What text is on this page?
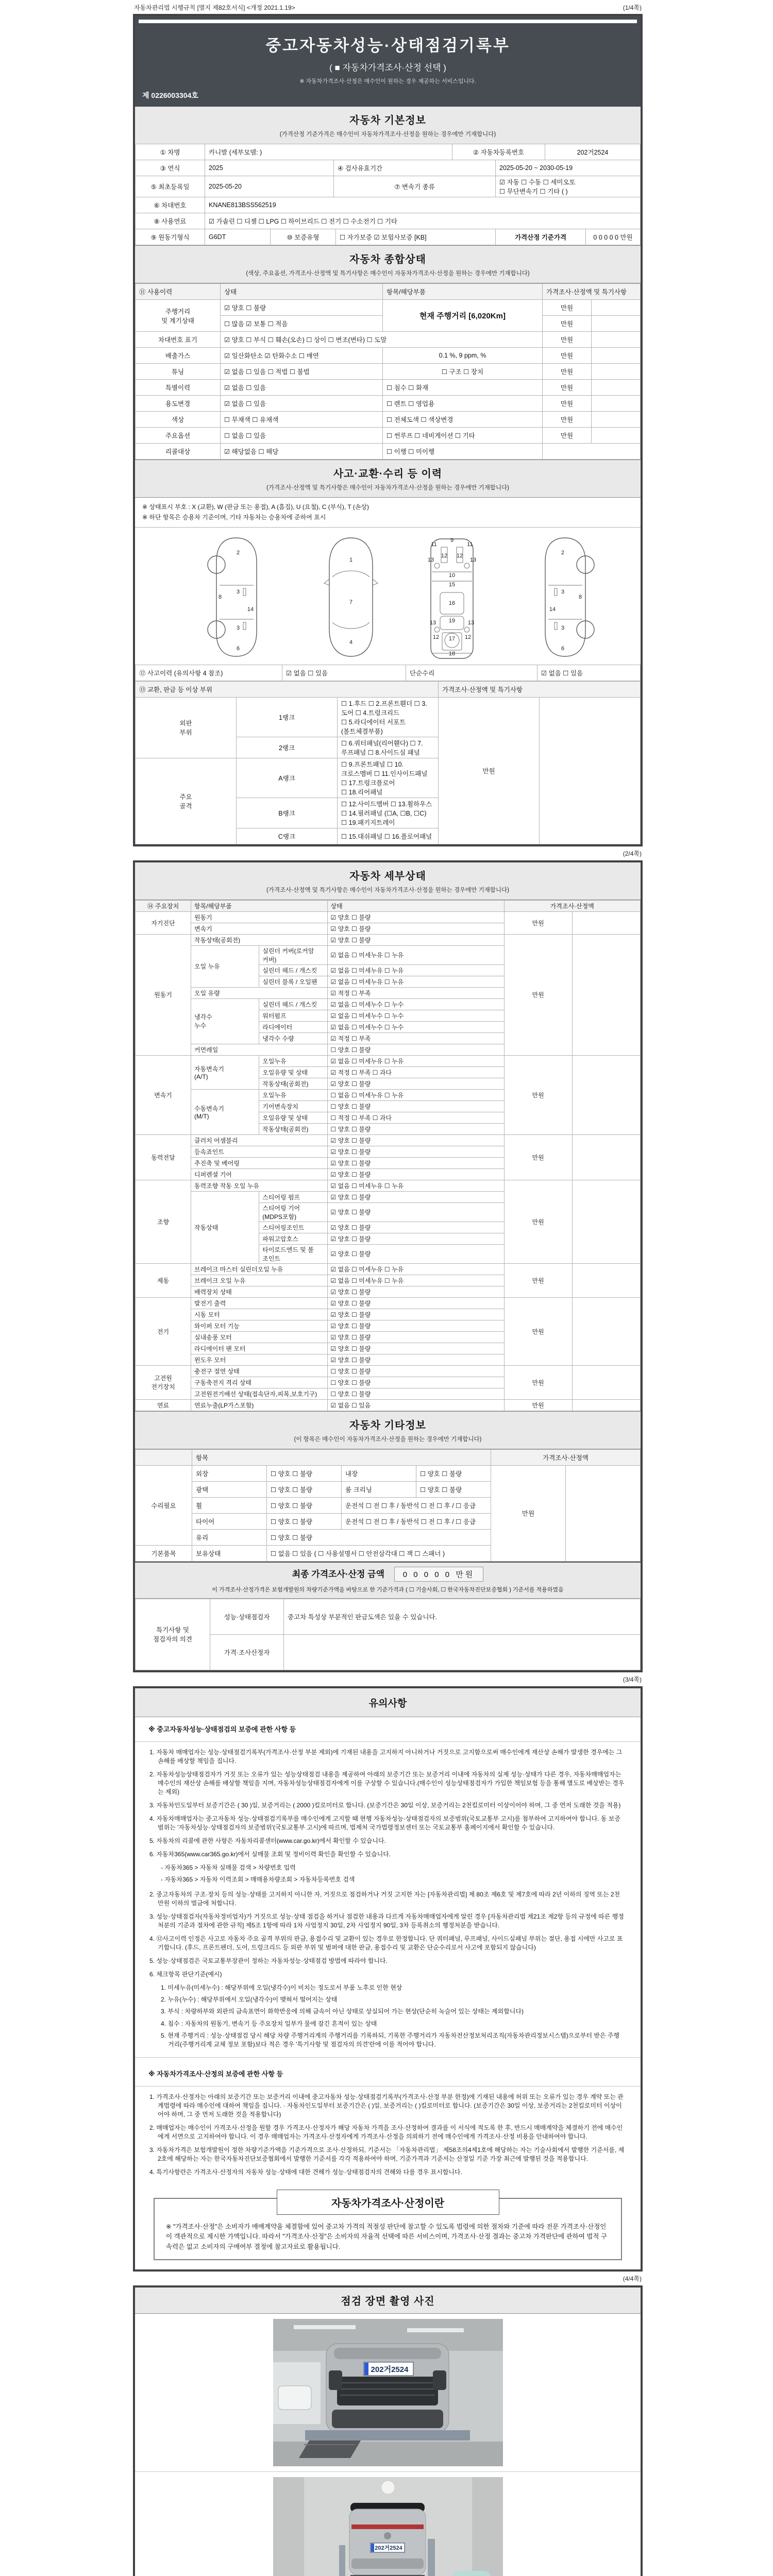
자동차관리법 시행규칙 [별지 제82호서식] <개정 2021.1.19>	(1/4쪽)
중고자동차성능·상태점검기록부
( ■ 자동차가격조사·산정 선택 )
※ 자동차가격조사·산정은 매수인이 원하는 경우 제공하는 서비스입니다.
제 0226003304호
자동차 기본정보
(가격산정 기준가격은 매수인이 자동차가격조사·산정을 원하는 경우에만 기재합니다)
① 차명	카니발 (세부모델: )	② 자동차등록번호	202거2524
③ 연식	2025	④ 검사유효기간	2025-05-20 ~ 2030-05-19
⑤ 최초등록일	2025-05-20	⑦ 변속기 종류	☑ 자동 ☐ 수동 ☐ 세미오토
☐ 무단변속기 ☐ 기타 ( )
⑥ 차대번호	KNANE813BSS562519
⑧ 사용연료	☑ 가솔린 ☐ 디젤 ☐ LPG ☐ 하이브리드 ☐ 전기 ☐ 수소전기 ☐ 기타
⑨ 원동기형식	G6DT	⑩ 보증유형	☐ 자가보증 ☑ 보험사보증 [KB]	가격산정 기준가격	0 0 0 0 0 만원
자동차 종합상태
(색상, 주요옵션, 가격조사·산정액 및 특기사항은 매수인이 자동차가격조사·산정을 원하는 경우에만 기재합니다)
⑪ 사용이력	상태	항목/해당부품	가격조사·산정액 및 특기사항	
주행거리
및 계기상태	☑ 양호 ☐ 불량	현재 주행거리 [6,020Km]	만원	
	☐ 많음 ☑ 보통 ☐ 적음		만원	
차대번호 표기	☑ 양호 ☐ 부식 ☐ 훼손(오손) ☐ 상이 ☐ 변조(변타) ☐ 도말		만원	
배출가스	☑ 일산화탄소 ☑ 탄화수소 ☐ 매연	0.1 %, 9 ppm, %	만원	
튜닝	☑ 없음 ☐ 있음 ☐ 적법 ☐ 불법	☐ 구조 ☐ 장치	만원	
특별이력	☑ 없음 ☐ 있음	☐ 침수 ☐ 화재	만원	
용도변경	☑ 없음 ☐ 있음	☐ 렌트 ☐ 영업용	만원	
색상	☐ 무채색 ☐ 유채색	☐ 전체도색 ☐ 색상변경	만원	
주요옵션	☐ 없음 ☐ 있음	☐ 썬루프 ☐ 네비게이션 ☐ 기타	만원	
리콜대상	☑ 해당없음 ☐ 해당	☐ 이행 ☐ 미이행		
사고·교환·수리 등 이력
(가격조사·산정액 및 특기사항은 매수인이 자동차가격조사·산정을 원하는 경우에만 기재합니다)
※ 상태표시 부호 : X (교환), W (판금 또는 용접), A (흠집), U (요철), C (부식), T (손상)
※ 하단 항목은 승용차 기준이며, 기타 자동차는 승용차에 준하여 표시
2
8
3
14
3
6
1
7
4
11
9
11
13
12 12
13
10
15
16
19
13	13
12 17 12
18
2
3
8
14
3
6
⑫ 사고이력 (유의사항 4 참조)	☑ 없음 ☐ 있음	단순수리	☑ 없음 ☐ 있음
⑬ 교환, 판금 등 이상 부위			가격조사·산정액 및 특기사항	
외판
부위	1랭크	☐ 1.후드 ☐ 2.프론트휀더 ☐ 3.도어 ☐ 4.트렁크리드
☐ 5.라디에이터 서포트(볼트체결부품)	만원	
	2랭크	☐ 6.쿼터패널(리어휀다) ☐ 7.루프패널 ☐ 8.사이드실 패널		
주요
골격	A랭크	☐ 9.프론트패널 ☐ 10.크로스멤버 ☐ 11.인사이드패널 ☐ 17.트렁크플로어
☐ 18.리어패널		
	B랭크	☐ 12.사이드멤버 ☐ 13.휠하우스 ☐ 14.필러패널 (☐A, ☐B, ☐C)
☐ 19.패키지트레이		
	C랭크	☐ 15.대쉬패널 ☐ 16.플로어패널		
(2/4쪽)
자동차 세부상태
(가격조사·산정액 및 특기사항은 매수인이 자동차가격조사·산정을 원하는 경우에만 기재합니다)
⑭ 주요장치	항목/해당부품		상태	가격조사·산정액	
자기진단	원동기		☑ 양호 ☐ 불량	만원	
	변속기		☑ 양호 ☐ 불량		
원동기	작동상태(공회전)		☑ 양호 ☐ 불량	만원	
	오일 누유	실린더 커버(로커암 커버)	☑ 없음 ☐ 미세누유 ☐ 누유		
		실린더 헤드 / 개스킷	☑ 없음 ☐ 미세누유 ☐ 누유		
		실린더 블록 / 오일팬	☑ 없음 ☐ 미세누유 ☐ 누유		
	오일 유량		☑ 적정 ☐ 부족		
	냉각수
누수	실린더 헤드 / 개스킷	☑ 없음 ☐ 미세누수 ☐ 누수		
		워터펌프	☑ 없음 ☐ 미세누수 ☐ 누수		
		라디에이터	☑ 없음 ☐ 미세누수 ☐ 누수		
		냉각수 수량	☑ 적정 ☐ 부족		
	커먼레일		☐ 양호 ☐ 불량		
변속기	자동변속기
(A/T)	오일누유	☑ 없음 ☐ 미세누유 ☐ 누유	만원	
		오일유량 및 상태	☑ 적정 ☐ 부족 ☐ 과다		
		작동상태(공회전)	☑ 양호 ☐ 불량		
	수동변속기
(M/T)	오일누유	☐ 없음 ☐ 미세누유 ☐ 누유		
		기어변속장치	☐ 양호 ☐ 불량		
		오일유량 및 상태	☐ 적정 ☐ 부족 ☐ 과다		
		작동상태(공회전)	☐ 양호 ☐ 불량		
동력전달	클러치 어셈블리		☑ 양호 ☐ 불량	만원	
	등속죠인트		☑ 양호 ☐ 불량		
	추진축 및 베어링		☑ 양호 ☐ 불량		
	디퍼렌셜 기어		☑ 양호 ☐ 불량		
조향	동력조향 작동 오일 누유		☑ 없음 ☐ 미세누유 ☐ 누유	만원	
	작동상태	스티어링 펌프	☑ 양호 ☐ 불량		
		스티어링 기어(MDPS포함)	☑ 양호 ☐ 불량		
		스티어링조인트	☑ 양호 ☐ 불량		
		파워고압호스	☑ 양호 ☐ 불량		
		타이로드엔드 및 볼 조인트	☑ 양호 ☐ 불량		
제동	브레이크 마스터 실린더오일 누유		☑ 없음 ☐ 미세누유 ☐ 누유	만원	
	브레이크 오일 누유		☑ 없음 ☐ 미세누유 ☐ 누유		
	배력장치 상태		☑ 양호 ☐ 불량		
전기	발전기 출력		☑ 양호 ☐ 불량	만원	
	시동 모터		☑ 양호 ☐ 불량		
	와이퍼 모터 기능		☑ 양호 ☐ 불량		
	실내송풍 모터		☑ 양호 ☐ 불량		
	라디에이터 팬 모터		☑ 양호 ☐ 불량		
	윈도우 모터		☑ 양호 ☐ 불량		
고전원
전기장치	충전구 절연 상태		☐ 양호 ☐ 불량	만원	
	구동축전지 격리 상태		☐ 양호 ☐ 불량		
	고전원전기배선 상태(접속단자,피복,보호기구)		☐ 양호 ☐ 불량		
연료	연료누출(LP가스포함)		☑ 없음 ☐ 있음	만원	
자동차 기타정보
(이 항목은 매수인이 자동차가격조사·산정을 원하는 경우에만 기재합니다)
	항목				가격조사·산정액	
수리필요	외장	☐ 양호 ☐ 불량	내장	☐ 양호 ☐ 불량	만원	
	광택	☐ 양호 ☐ 불량	룸 크리닝	☐ 양호 ☐ 불량		
	휠	☐ 양호 ☐ 불량	운전석 ☐ 전 ☐ 후 / 동반석 ☐ 전 ☐ 후 / ☐ 응급			
	타이어	☐ 양호 ☐ 불량	운전석 ☐ 전 ☐ 후 / 동반석 ☐ 전 ☐ 후 / ☐ 응급			
	유리	☐ 양호 ☐ 불량				
기본품목	보유상태	☐ 없음 ☐ 있음 ( ☐ 사용설명서 ☐ 안전삼각대 ☐ 잭 ☐ 스패너 )				
최종 가격조사·산정 금액 0 0 0 0 0 만원
이 가격조사·산정가격은 보험개발원의 차량기준가액을 바탕으로 한 기준가격과 ( ☐ 기술사회, ☐ 한국자동차진단보증협회 ) 기준서를 적용하였음
특기사항 및
점검자의 의견	성능·상태점검자	중고차 특성상 부분적인 판금도색은 있을 수 있습니다.
	가격·조사산정자	
(3/4쪽)
유의사항
※ 중고자동차성능·상태점검의 보증에 관한 사항 등
1. 자동차 매매업자는 성능·상태점검기록부(가격조사·산정 부분 제외)에 기재된 내용을 고지하지 아니하거나 거짓으로 고지함으로써 매수인에게 재산상 손해가 발생한 경우에는 그 손해를 배상할 책임을 집니다.
2. 자동차성능상태점검자가 거짓 또는 오류가 있는 성능상태점검 내용을 제공하여 아래의 보증기간 또는 보증거리 이내에 자동차의 실제 성능·상태가 다른 경우, 자동차매매업자는 매수인의 재산상 손해를 배상할 책임을 지며, 자동차성능상태점검자에게 이를 구상할 수 있습니다.(매수인이 성능상태점검자가 가입한 책임보험 등을 통해 별도로 배상받는 경우는 제외)
3. 자동차인도일부터 보증기간은 ( 30 )일, 보증거리는 ( 2000 )킬로미터로 합니다. (보증기간은 30일 이상, 보증거리는 2천킬로미터 이상이어야 하며, 그 중 먼저 도래한 것을 적용)
4. 자동차매매업자는 중고자동차 성능·상태점검기록부를 매수인에게 고지할 때 현행 자동차성능·상태점검자의 보증범위(국토교통부 고시)를 첨부하여 고지하여야 합니다. 동 보증범위는 '자동차성능·상태점검자의 보증범위'(국토교통부 고시)에 따르며, 법제처 국가법령정보센터 또는 국토교통부 홈페이지에서 확인할 수 있습니다.
5. 자동차의 리콜에 관한 사항은 자동차리콜센터(www.car.go.kr)에서 확인할 수 있습니다.
6. 자동차365(www.car365.go.kr)에서 실매물 조회 및 정비이력 확인을 확인할 수 있습니다.
- 자동차365 > 자동차 실매물 검색 > 차량번호 입력
- 자동차365 > 자동차 이력조회 > 매매용차량조회 > 자동차등록번호 검색
2. 중고자동차의 구조·장치 등의 성능·상태를 고지하지 아니한 자, 거짓으로 점검하거나 거짓 고지한 자는 [자동차관리법] 제 80조 제6호 및 제7호에 따라 2년 이하의 징역 또는 2천만원 이하의 벌금에 처합니다.
3. 성능·상태점검자(자동차정비업자)가 거짓으로 성능·상태 점검을 하거나 점검한 내용과 다르게 자동차매매업자에게 알린 경우 [자동차관리법 제21조 제2항 등의 규정에 따른 행정처분의 기준과 절차에 관한 규칙] 제5조 1항에 따라 1차 사업정지 30일, 2차 사업정지 90일, 3차 등록취소의 행정처분을 받습니다.
4. ⑫사고이력 인정은 사고로 자동차 주요 골격 부위의 판금, 용접수리 및 교환이 있는 경우로 한정합니다. 단 쿼터패널, 루프패널, 사이드실패널 부위는 절단, 용접 시에만 사고로 표기합니다. (후드, 프론트펜더, 도어, 트렁크리드 등 외판 부위 및 범퍼에 대한 판금, 용접수리 및 교환은 단순수리로서 사고에 포함되지 않습니다)
5. 성능·상태점검은 국토교통부장관이 정하는 자동차성능·상태점검 방법에 따라야 합니다.
6. 체크항목 판단기준(예시)
1. 미세누유(미세누수) : 해당부위에 오일(냉각수)이 비치는 정도로서 부품 노후로 인한 현상
2. 누유(누수) : 해당부위에서 오일(냉각수)이 맺혀서 떨어지는 상태
3. 부식 : 차량하부와 외판의 금속표면이 화학반응에 의해 금속이 아닌 상태로 상실되어 가는 현상(단순히 녹슬어 있는 상태는 제외합니다)
4. 침수 : 자동차의 원동기, 변속기 등 주요장치 일부가 물에 잠긴 흔적이 있는 상태
5. 현재 주행거리 : 성능·상태점검 당시 해당 차량 주행거리계의 주행거리를 기록하되, 기록한 주행거리가 자동차전산정보처리조직(자동차관리정보시스템)으로부터 받은 주행거리(주행거리계 교체 정보 포함)보다 적은 경우 '특기사항 및 점검자의 의견'란에 이를 적어야 합니다.
※ 자동차가격조사·산정의 보증에 관한 사항 등
1. 가격조사·산정자는 아래의 보증기간 또는 보증거리 이내에 중고자동차 성능·상태점검기록부(가격조사·산정 부분 한정)에 기재된 내용에 허위 또는 오류가 있는 경우 계약 또는 관계법령에 따라 매수인에 대하여 책임을 집니다. · 자동차인도일부터 보증기간은 ( )일, 보증거리는 ( )킬로미터로 합니다. (보증기간은 30일 이상, 보증거리는 2천킬로미터 이상이어야 하며, 그 중 먼저 도래한 것을 적용합니다)
2. 매매업자는 매수인이 가격조사·산정을 원할 경우 가격조사·산정자가 해당 자동차 가격을 조사·산정하여 결과를 이 서식에 적도록 한 후, 반드시 매매계약을 체결하기 전에 매수인에게 서면으로 고지하여야 합니다. 이 경우 매매업자는 가격조사·산정자에게 가격조사·산정을 의뢰하기 전에 매수인에게 가격조사·산정 비용을 안내하여야 합니다.
3. 자동차가격은 보험개발원이 정한 차량기준가액을 기준가격으로 조사·산정하되, 기준서는 「자동차관리법」 제58조의4제1호에 해당하는 자는 기술사회에서 발행한 기준서를, 제2호에 해당하는 자는 한국자동차진단보증협회에서 발행한 기준서를 각각 적용하여야 하며, 기준가격과 기준서는 산정일 기준 가장 최근에 발행된 것을 적용합니다.
4. 특기사항란은 가격조사·산정자의 자동차 성능·상태에 대한 견해가 성능·상태점검자의 견해와 다를 경우 표시합니다.
자동차가격조사·산정이란
※ "가격조사·산정"은 소비자가 매매계약을 체결함에 있어 중고차 가격의 적절성 판단에 참고할 수 있도록 법령에 의한 절차와 기준에 따라 전문 가격조사·산정인이 객관적으로 제시한 가액입니다. 따라서 "가격조사·산정"은 소비자의 자율적 선택에 따른 서비스이며, 가격조사·산정 결과는 중고차 가격판단에 관하여 법적 구속력은 없고 소비자의 구매여부 결정에 참고자료로 활용됩니다.
(4/4쪽)
점검 장면 촬영 사진
202거2524
202거2524
